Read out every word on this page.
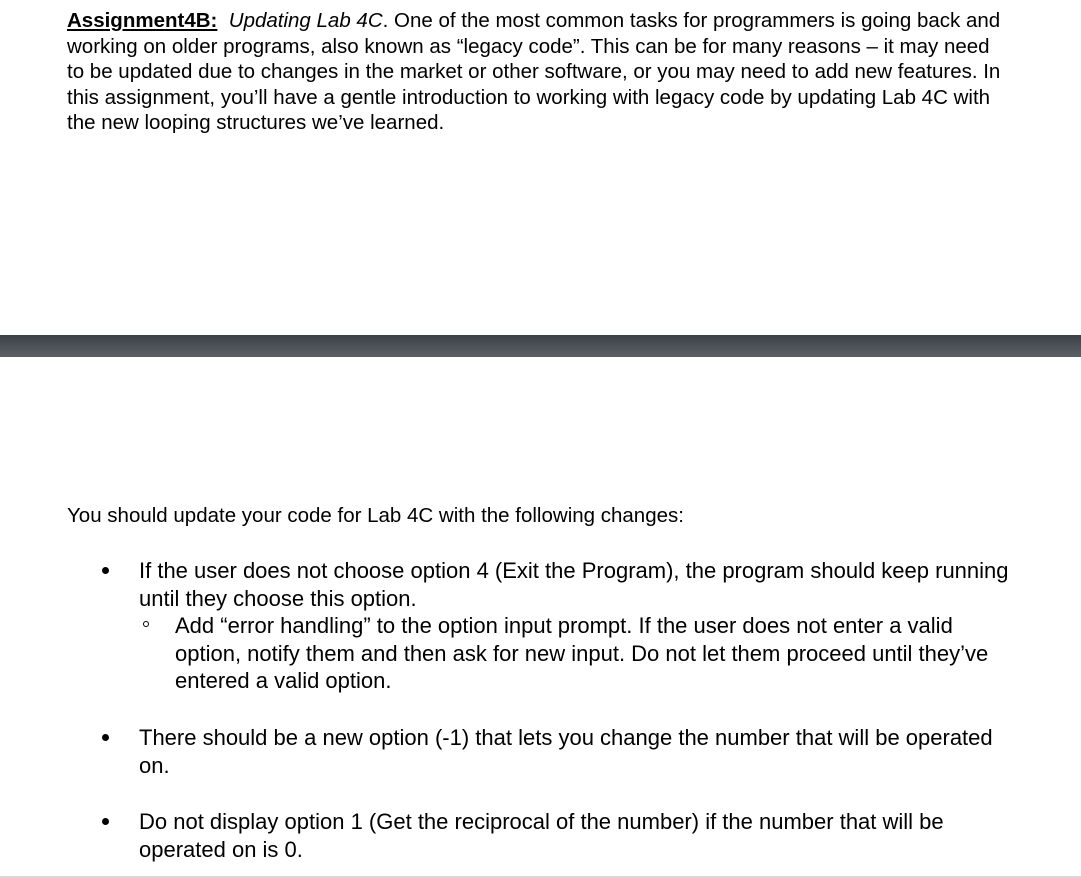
Assignment4B: Updating Lab 4C. One of the most common tasks for programmers is going back and working on older programs, also known as “legacy code”. This can be for many reasons – it may need to be updated due to changes in the market or other software, or you may need to add new features. In this assignment, you’ll have a gentle introduction to working with legacy code by updating Lab 4C with the new looping structures we’ve learned.

You should update your code for Lab 4C with the following changes:

If the user does not choose option 4 (Exit the Program), the program should keep running until they choose this option.

Add “error handling” to the option input prompt. If the user does not enter a valid option, notify them and then ask for new input. Do not let them proceed until they’ve entered a valid option.

There should be a new option (-1) that lets you change the number that will be operated on.

Do not display option 1 (Get the reciprocal of the number) if the number that will be operated on is 0.
